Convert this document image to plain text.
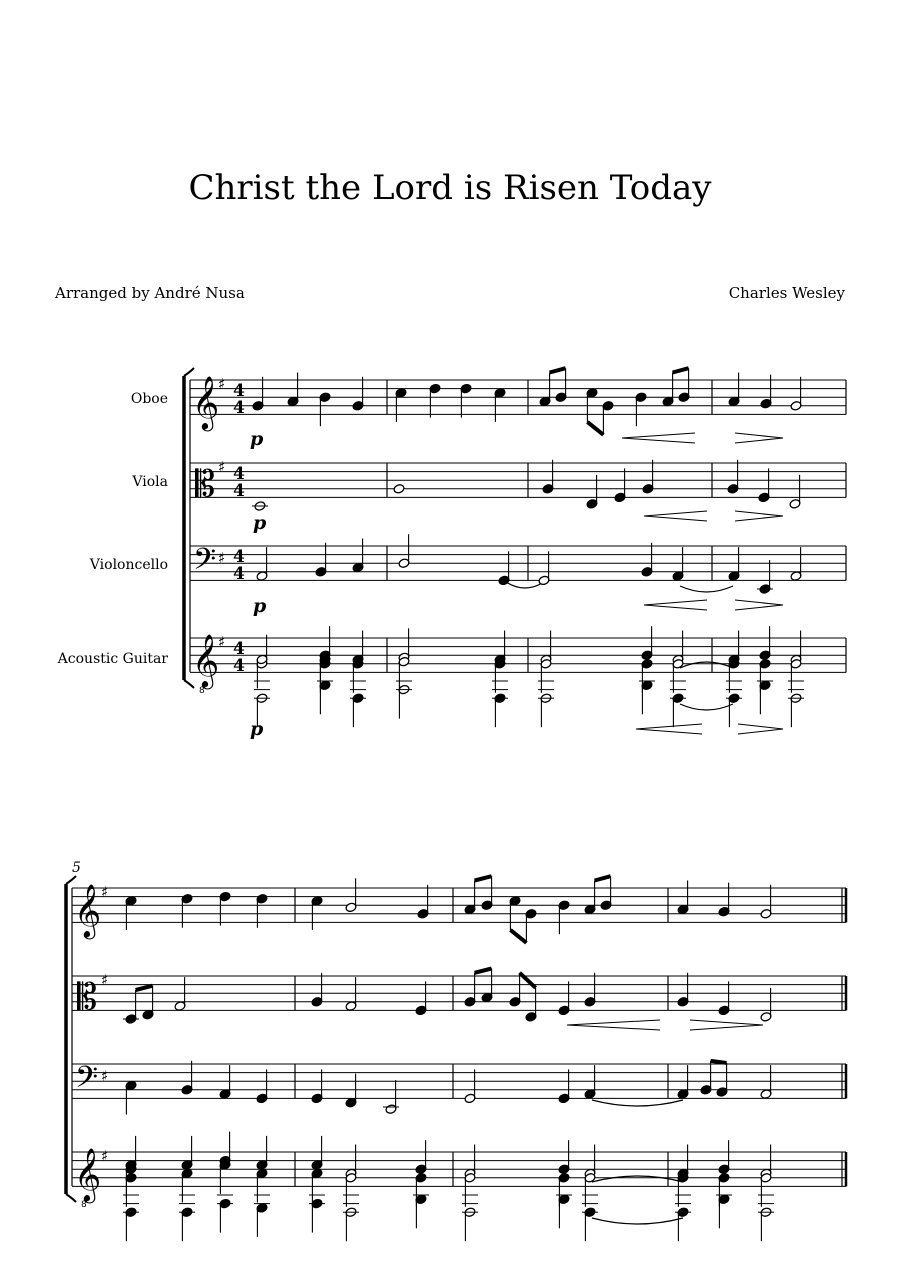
Christ the Lord is Risen Today
Arranged by André Nusa	Charles Wesley
Oboe
Viola
Violoncello
Acoustic Guitar
5
𝄞
𝄡
𝄢
𝄞
8
♯
♯
♯
♯
4
4
4
4
4
4
4
4
p
p
p
p
𝄞
𝄡
𝄢
𝄞
8
♯
♯
♯
♯
